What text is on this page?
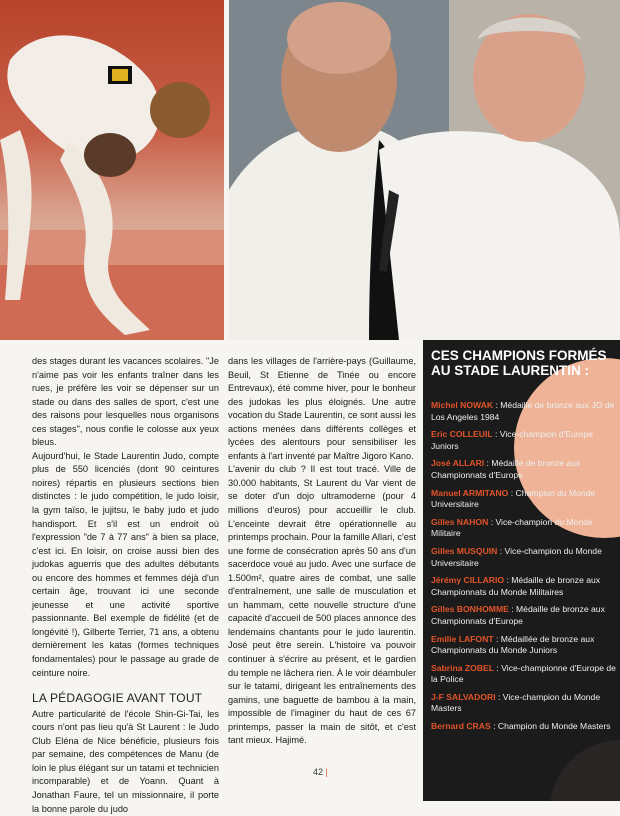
des stages durant les vacances scolaires. "Je n'aime pas voir les enfants traîner dans les rues, je préfère les voir se dépenser sur un stade ou dans des salles de sport, c'est une des raisons pour lesquelles nous organisons ces stages", nous confie le colosse aux yeux bleus.

Aujourd'hui, le Stade Laurentin Judo, compte plus de 550 licenciés (dont 90 ceintures noires) répartis en plusieurs sections bien distinctes : le judo compétition, le judo loisir, la gym taïso, le jujitsu, le baby judo et judo handisport. Et s'il est un endroit où l'expression "de 7 à 77 ans" à bien sa place, c'est ici. En loisir, on croise aussi bien des judokas aguerris que des adultes débutants ou encore des hommes et femmes déjà d'un certain âge, trouvant ici une seconde jeunesse et une activité sportive passionnante. Bel exemple de fidélité (et de longévité !), Gilberte Terrier, 71 ans, a obtenu dernièrement les katas (formes techniques fondamentales) pour le passage au grade de ceinture noire.

LA PÉDAGOGIE AVANT TOUT

Autre particularité de l'école Shin-Gi-Tai, les cours n'ont pas lieu qu'à St Laurent : le Judo Club Eléna de Nice bénéficie, plusieurs fois par semaine, des compétences de Manu (de loin le plus élégant sur un tatami et technicien incomparable) et de Yoann. Quant à Jonathan Faure, tel un missionnaire, il porte la bonne parole du judo

dans les villages de l'arrière-pays (Guillaume, Beuil, St Etienne de Tinée ou encore Entrevaux), été comme hiver, pour le bonheur des judokas les plus éloignés. Une autre vocation du Stade Laurentin, ce sont aussi les actions menées dans différents collèges et lycées des alentours pour sensibiliser les enfants à l'art inventé par Maître Jigoro Kano.

L'avenir du club ? Il est tout tracé. Ville de 30.000 habitants, St Laurent du Var vient de se doter d'un dojo ultramoderne (pour 4 millions d'euros) pour accueillir le club. L'enceinte devrait être opérationnelle au printemps prochain. Pour la famille Allari, c'est une forme de consécration après 50 ans d'un sacerdoce voué au judo. Avec une surface de 1.500m², quatre aires de combat, une salle d'entraînement, une salle de musculation et un hammam, cette nouvelle structure d'une capacité d'accueil de 500 places annonce des lendemains chantants pour le judo laurentin. José peut être serein. L'histoire va pouvoir continuer à s'écrire au présent, et le gardien du temple ne lâchera rien. À le voir déambuler sur le tatami, dirigeant les entraînements des gamins, une baguette de bambou à la main, impossible de l'imaginer du haut de ces 67 printemps, passer la main de sitôt, et c'est tant mieux. Hajimé.

CES CHAMPIONS FORMÉS AU STADE LAURENTIN :
Michel NOWAK : Médaille de bronze aux JO de Los Angeles 1984
Eric COLLEUIL : Vice-champion d'Europe Juniors
José ALLARI : Médaille de bronze aux Championnats d'Europe
Manuel ARMITANO : Champion du Monde Universitaire
Gilles NAHON : Vice-champion du Monde Militaire
Gilles MUSQUIN : Vice-champion du Monde Universitaire
Jérémy CILLARIO : Médaille de bronze aux Championnats du Monde Militaires
Gilles BONHOMME : Médaille de bronze aux Championnats d'Europe
Emilie LAFONT : Médaillée de bronze aux Championnats du Monde Juniors
Sabrina ZOBEL : Vice-championne d'Europe de la Police
J-F SALVADORI : Vice-champion du Monde Masters
Bernard CRAS : Champion du Monde Masters
42 |
